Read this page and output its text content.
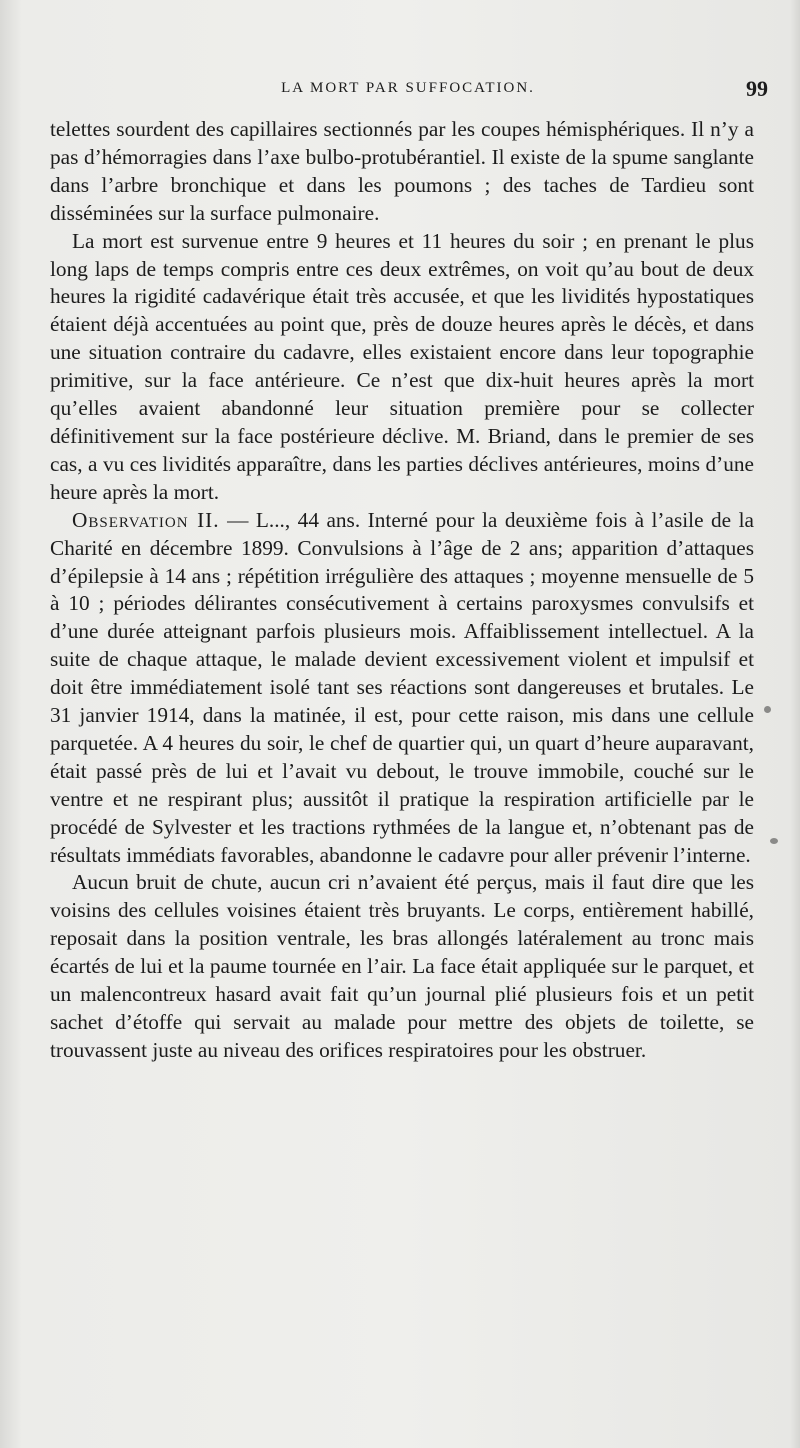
LA MORT PAR SUFFOCATION.	99

telettes sourdent des capillaires sectionnés par les coupes hémisphériques. Il n’y a pas d’hémorragies dans l’axe bulbo-protubérantiel. Il existe de la spume sanglante dans l’arbre bronchique et dans les poumons ; des taches de Tardieu sont disséminées sur la surface pulmonaire.

La mort est survenue entre 9 heures et 11 heures du soir ; en prenant le plus long laps de temps compris entre ces deux extrêmes, on voit qu’au bout de deux heures la rigidité cadavérique était très accusée, et que les lividités hypostatiques étaient déjà accentuées au point que, près de douze heures après le décès, et dans une situation contraire du cadavre, elles existaient encore dans leur topographie primitive, sur la face antérieure. Ce n’est que dix-huit heures après la mort qu’elles avaient abandonné leur situation première pour se collecter définitivement sur la face postérieure déclive. M. Briand, dans le premier de ses cas, a vu ces lividités apparaître, dans les parties déclives antérieures, moins d’une heure après la mort.

Observation II. — L..., 44 ans. Interné pour la deuxième fois à l’asile de la Charité en décembre 1899. Convulsions à l’âge de 2 ans; apparition d’attaques d’épilepsie à 14 ans ; répétition irrégulière des attaques ; moyenne mensuelle de 5 à 10 ; périodes délirantes consécutivement à certains paroxysmes convulsifs et d’une durée atteignant parfois plusieurs mois. Affaiblissement intellectuel. A la suite de chaque attaque, le malade devient excessivement violent et impulsif et doit être immédiatement isolé tant ses réactions sont dangereuses et brutales. Le 31 janvier 1914, dans la matinée, il est, pour cette raison, mis dans une cellule parquetée. A 4 heures du soir, le chef de quartier qui, un quart d’heure auparavant, était passé près de lui et l’avait vu debout, le trouve immobile, couché sur le ventre et ne respirant plus; aussitôt il pratique la respiration artificielle par le procédé de Sylvester et les tractions rythmées de la langue et, n’obtenant pas de résultats immédiats favorables, abandonne le cadavre pour aller prévenir l’interne.

Aucun bruit de chute, aucun cri n’avaient été perçus, mais il faut dire que les voisins des cellules voisines étaient très bruyants. Le corps, entièrement habillé, reposait dans la position ventrale, les bras allongés latéralement au tronc mais écartés de lui et la paume tournée en l’air. La face était appliquée sur le parquet, et un malencontreux hasard avait fait qu’un journal plié plusieurs fois et un petit sachet d’étoffe qui servait au malade pour mettre des objets de toilette, se trouvassent juste au niveau des orifices respiratoires pour les obstruer.
